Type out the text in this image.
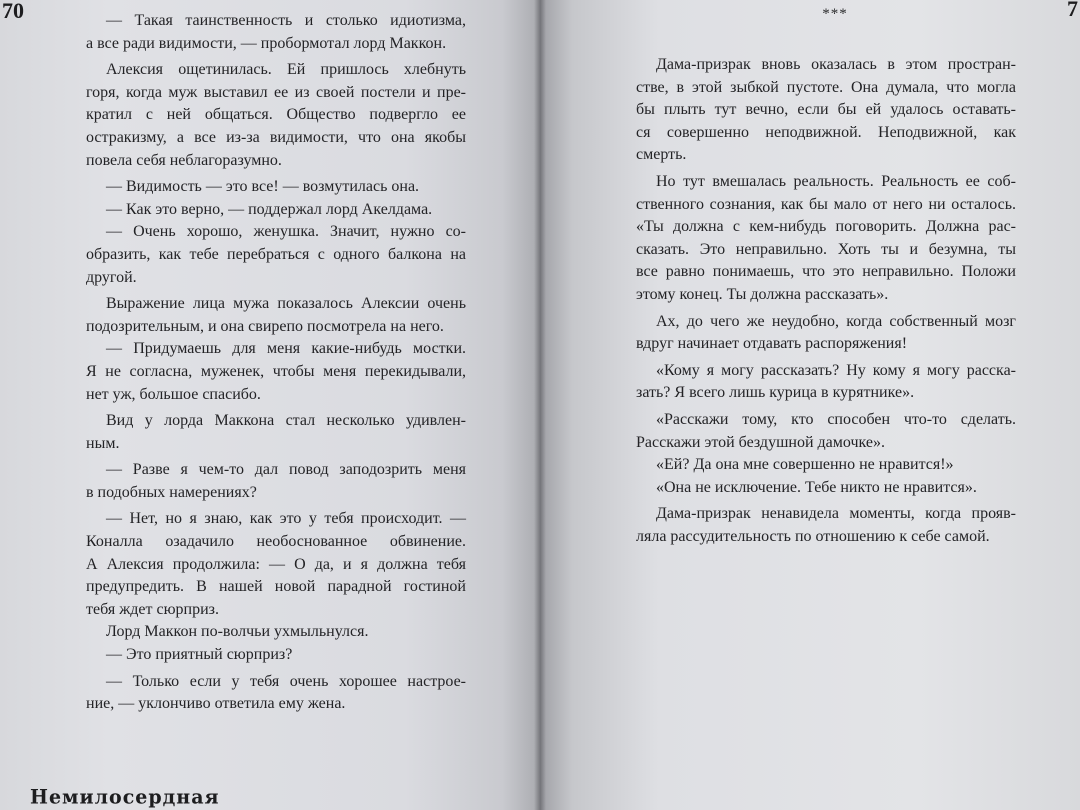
70	— Такая таинственность и столько идиотизма,
а все ради видимости, — пробормотал лорд Маккон.
Алексия ощетинилась. Ей пришлось хлебнуть
горя, когда муж выставил ее из своей постели и пре-
кратил с ней общаться. Общество подвергло ее
остракизму, а все из-за видимости, что она якобы
повела себя неблагоразумно.
— Видимость — это все! — возмутилась она.
— Как это верно, — поддержал лорд Акелдама.
— Очень хорошо, женушка. Значит, нужно со-
образить, как тебе перебраться с одного балкона на
другой.
Выражение лица мужа показалось Алексии очень
подозрительным, и она свирепо посмотрела на него.
— Придумаешь для меня какие-нибудь мостки.
Я не согласна, муженек, чтобы меня перекидывали,
нет уж, большое спасибо.
Вид у лорда Маккона стал несколько удивлен-
ным.
— Разве я чем-то дал повод заподозрить меня
в подобных намерениях?
— Нет, но я знаю, как это у тебя происходит. —
Коналла озадачило необоснованное обвинение.
А Алексия продолжила: — О да, и я должна тебя
предупредить. В нашей новой парадной гостиной
тебя ждет сюрприз.
Лорд Маккон по-волчьи ухмыльнулся.
— Это приятный сюрприз?
— Только если у тебя очень хорошее настрое-
ние, — уклончиво ответила ему жена.
Немилосердная
***	7
Дама-призрак вновь оказалась в этом простран-
стве, в этой зыбкой пустоте. Она думала, что могла
бы плыть тут вечно, если бы ей удалось оставать-
ся совершенно неподвижной. Неподвижной, как
смерть.
Но тут вмешалась реальность. Реальность ее соб-
ственного сознания, как бы мало от него ни осталось.
«Ты должна с кем-нибудь поговорить. Должна рас-
сказать. Это неправильно. Хоть ты и безумна, ты
все равно понимаешь, что это неправильно. Положи
этому конец. Ты должна рассказать».
Ах, до чего же неудобно, когда собственный мозг
вдруг начинает отдавать распоряжения!
«Кому я могу рассказать? Ну кому я могу расска-
зать? Я всего лишь курица в курятнике».
«Расскажи тому, кто способен что-то сделать.
Расскажи этой бездушной дамочке».
«Ей? Да она мне совершенно не нравится!»
«Она не исключение. Тебе никто не нравится».
Дама-призрак ненавидела моменты, когда прояв-
ляла рассудительность по отношению к себе самой.
